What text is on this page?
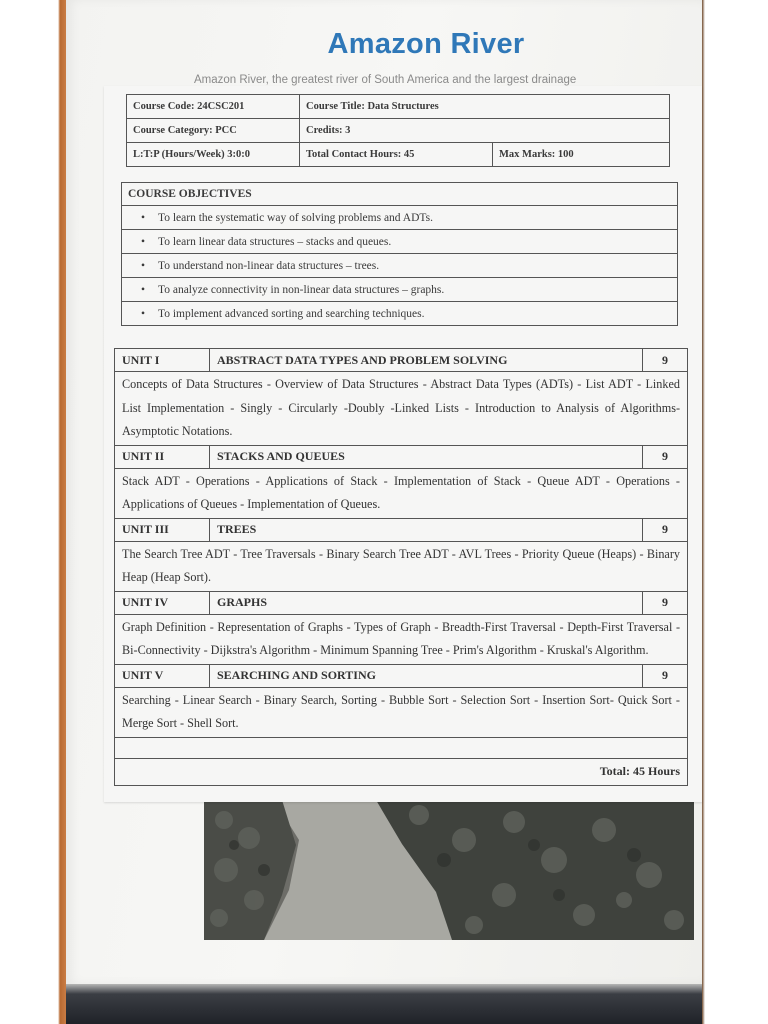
Amazon River
Amazon River, the greatest river of South America and the largest drainage
Course Code: 24CSC201	Course Title: Data Structures	
Course Category: PCC	Credits: 3	
L:T:P (Hours/Week) 3:0:0	Total Contact Hours: 45	Max Marks: 100
COURSE OBJECTIVES
• To learn the systematic way of solving problems and ADTs.
• To learn linear data structures – stacks and queues.
• To understand non-linear data structures – trees.
• To analyze connectivity in non-linear data structures – graphs.
• To implement advanced sorting and searching techniques.
UNIT I	ABSTRACT DATA TYPES AND PROBLEM SOLVING	9
Concepts of Data Structures - Overview of Data Structures - Abstract Data Types (ADTs) - List ADT - Linked List Implementation - Singly - Circularly -Doubly -Linked Lists - Introduction to Analysis of Algorithms-Asymptotic Notations.		
UNIT II	STACKS AND QUEUES	9
Stack ADT - Operations - Applications of Stack - Implementation of Stack - Queue ADT - Operations - Applications of Queues - Implementation of Queues.		
UNIT III	TREES	9
The Search Tree ADT - Tree Traversals - Binary Search Tree ADT - AVL Trees - Priority Queue (Heaps) - Binary Heap (Heap Sort).		
UNIT IV	GRAPHS	9
Graph Definition - Representation of Graphs - Types of Graph - Breadth-First Traversal - Depth-First Traversal - Bi-Connectivity - Dijkstra's Algorithm - Minimum Spanning Tree - Prim's Algorithm - Kruskal's Algorithm.		
UNIT V	SEARCHING AND SORTING	9
Searching - Linear Search - Binary Search, Sorting - Bubble Sort - Selection Sort - Insertion Sort- Quick Sort - Merge Sort - Shell Sort.		

Total: 45 Hours		
